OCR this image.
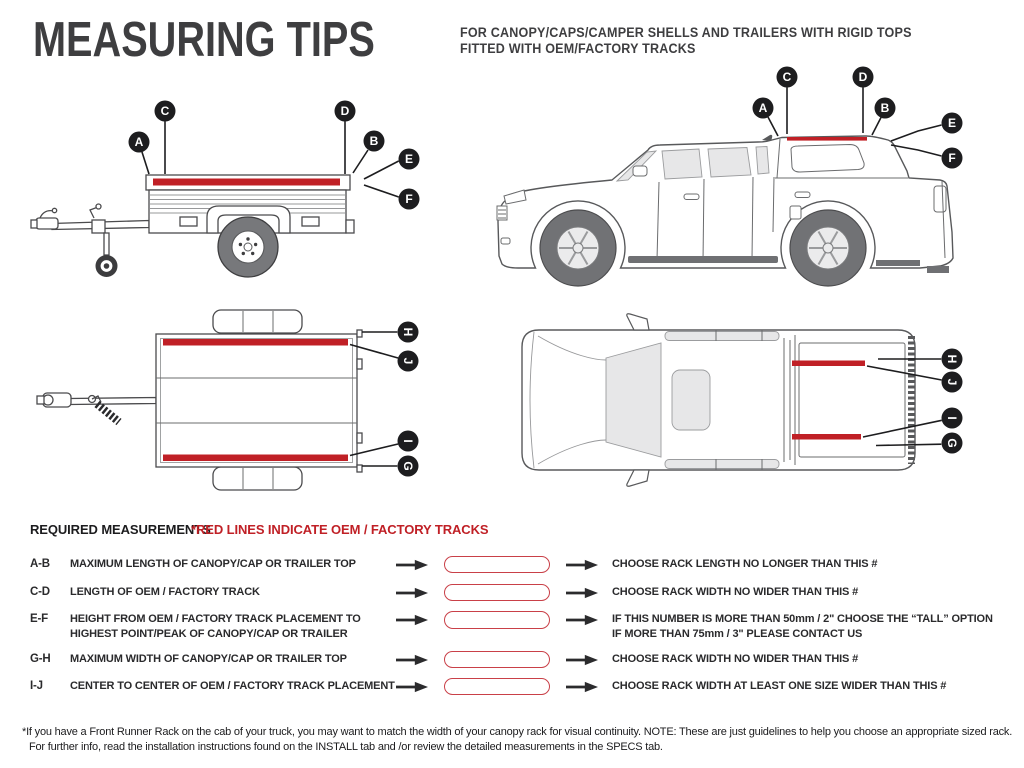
MEASURING TIPS	FOR CANOPY/CAPS/CAMPER SHELLS AND TRAILERS WITH RIGID TOPS
FITTED WITH OEM/FACTORY TRACKS
A
C	D
B
E
F
A
C	D
B
E
F
H
J
I
G
H
J
I
G
REQUIRED MEASUREMENTS
*RED LINES INDICATE OEM / FACTORY TRACKS
A-B MAXIMUM LENGTH OF CANOPY/CAP OR TRAILER TOP	CHOOSE RACK LENGTH NO LONGER THAN THIS #
C-D LENGTH OF OEM / FACTORY TRACK	CHOOSE RACK WIDTH NO WIDER THAN THIS #
E-F HEIGHT FROM OEM / FACTORY TRACK PLACEMENT TO
HIGHEST POINT/PEAK OF CANOPY/CAP OR TRAILER
IF THIS NUMBER IS MORE THAN 50mm / 2" CHOOSE THE “TALL” OPTION
IF MORE THAN 75mm / 3" PLEASE CONTACT US
G-H MAXIMUM WIDTH OF CANOPY/CAP OR TRAILER TOP	CHOOSE RACK WIDTH NO WIDER THAN THIS #
I-J CENTER TO CENTER OF OEM / FACTORY TRACK PLACEMENT	CHOOSE RACK WIDTH AT LEAST ONE SIZE WIDER THAN THIS #
*If you have a Front Runner Rack on the cab of your truck, you may want to match the width of your canopy rack for visual continuity. NOTE: These are just guidelines to help you choose an appropriate sized rack. For further info, read the installation instructions found on the INSTALL tab and /or review the detailed measurements in the SPECS tab.
